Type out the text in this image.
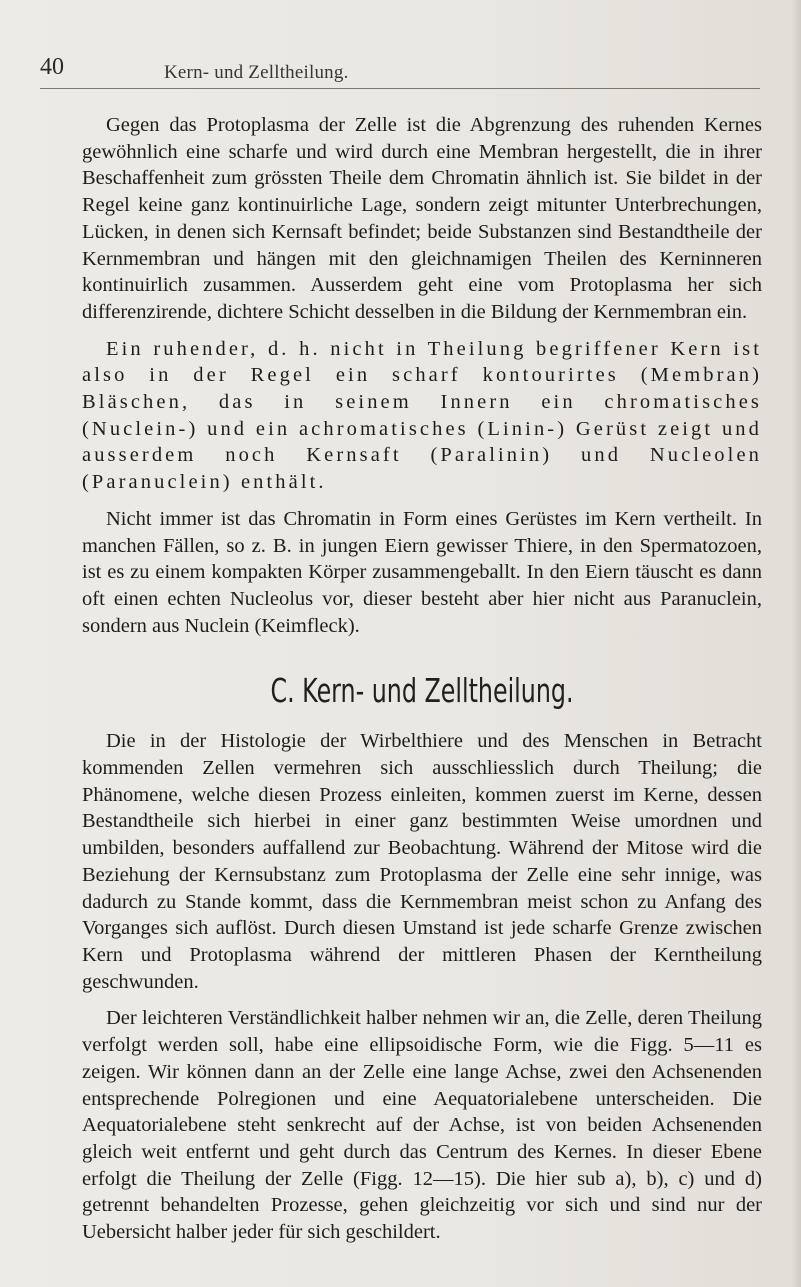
40	Kern- und Zelltheilung.

Gegen das Protoplasma der Zelle ist die Abgrenzung des ruhenden Kernes gewöhnlich eine scharfe und wird durch eine Membran hergestellt, die in ihrer Beschaffenheit zum grössten Theile dem Chromatin ähnlich ist. Sie bildet in der Regel keine ganz kontinuirliche Lage, sondern zeigt mitunter Unterbrechungen, Lücken, in denen sich Kernsaft befindet; beide Substanzen sind Bestandtheile der Kernmembran und hängen mit den gleichnamigen Theilen des Kerninneren kontinuirlich zusammen. Ausserdem geht eine vom Protoplasma her sich differenzirende, dichtere Schicht desselben in die Bildung der Kernmembran ein.

Ein ruhender, d. h. nicht in Theilung begriffener Kern ist also in der Regel ein scharf kontourirtes (Membran) Bläschen, das in seinem Innern ein chromatisches (Nuclein-) und ein achromatisches (Linin-) Gerüst zeigt und ausserdem noch Kernsaft (Paralinin) und Nucleolen (Paranuclein) enthält.

Nicht immer ist das Chromatin in Form eines Gerüstes im Kern vertheilt. In manchen Fällen, so z. B. in jungen Eiern gewisser Thiere, in den Spermatozoen, ist es zu einem kompakten Körper zusammengeballt. In den Eiern täuscht es dann oft einen echten Nucleolus vor, dieser besteht aber hier nicht aus Paranuclein, sondern aus Nuclein (Keimfleck).

C. Kern- und Zelltheilung.

Die in der Histologie der Wirbelthiere und des Menschen in Betracht kommenden Zellen vermehren sich ausschliesslich durch Theilung; die Phänomene, welche diesen Prozess einleiten, kommen zuerst im Kerne, dessen Bestandtheile sich hierbei in einer ganz bestimmten Weise umordnen und umbilden, besonders auffallend zur Beobachtung. Während der Mitose wird die Beziehung der Kernsubstanz zum Protoplasma der Zelle eine sehr innige, was dadurch zu Stande kommt, dass die Kernmembran meist schon zu Anfang des Vorganges sich auflöst. Durch diesen Umstand ist jede scharfe Grenze zwischen Kern und Protoplasma während der mittleren Phasen der Kerntheilung geschwunden.

Der leichteren Verständlichkeit halber nehmen wir an, die Zelle, deren Theilung verfolgt werden soll, habe eine ellipsoidische Form, wie die Figg. 5—11 es zeigen. Wir können dann an der Zelle eine lange Achse, zwei den Achsenenden entsprechende Polregionen und eine Aequatorialebene unterscheiden. Die Aequatorialebene steht senkrecht auf der Achse, ist von beiden Achsenenden gleich weit entfernt und geht durch das Centrum des Kernes. In dieser Ebene erfolgt die Theilung der Zelle (Figg. 12—15). Die hier sub a), b), c) und d) getrennt behandelten Prozesse, gehen gleichzeitig vor sich und sind nur der Uebersicht halber jeder für sich geschildert.
